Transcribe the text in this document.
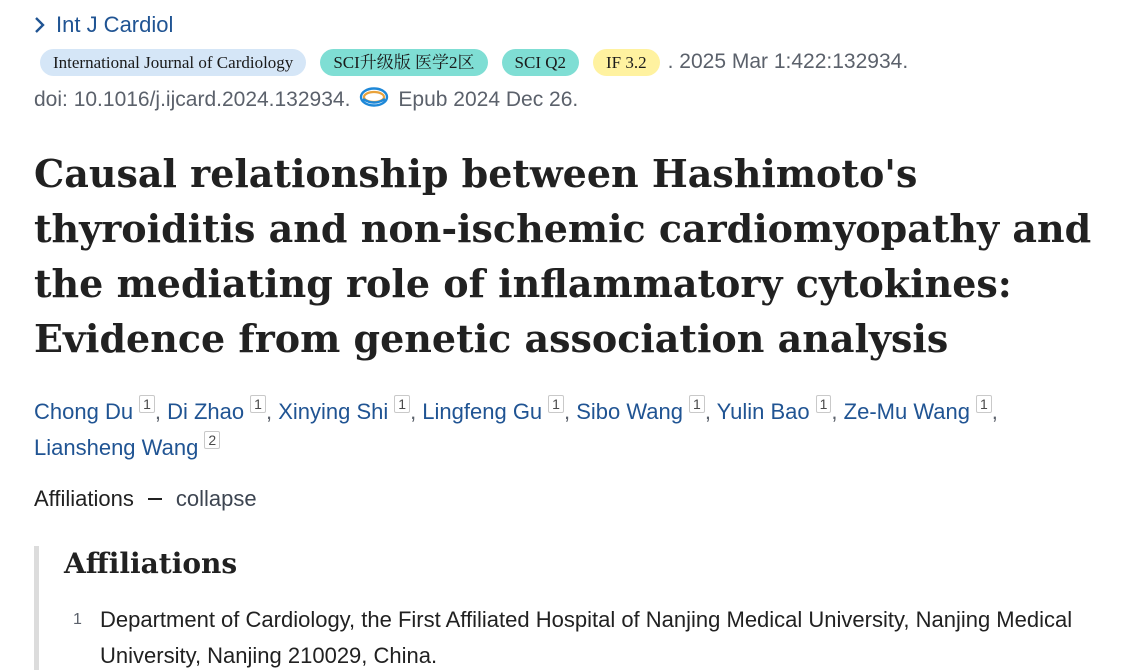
Int J Cardiol
International Journal of Cardiology	SCI升级版 医学2区	SCI Q2	IF 3.2	. 2025 Mar 1:422:132934.
doi: 10.1016/j.ijcard.2024.132934. Epub 2024 Dec 26.
Causal relationship between Hashimoto's thyroiditis and non-ischemic cardiomyopathy and the mediating role of inflammatory cytokines: Evidence from genetic association analysis
Chong Du 1 , Di Zhao 1 , Xinying Shi 1 , Lingfeng Gu 1 , Sibo Wang 1 , Yulin Bao 1 , Ze-Mu Wang 1 , Liansheng Wang 2
Affiliations collapse
Affiliations
1 Department of Cardiology, the First Affiliated Hospital of Nanjing Medical University, Nanjing Medical University, Nanjing 210029, China.
